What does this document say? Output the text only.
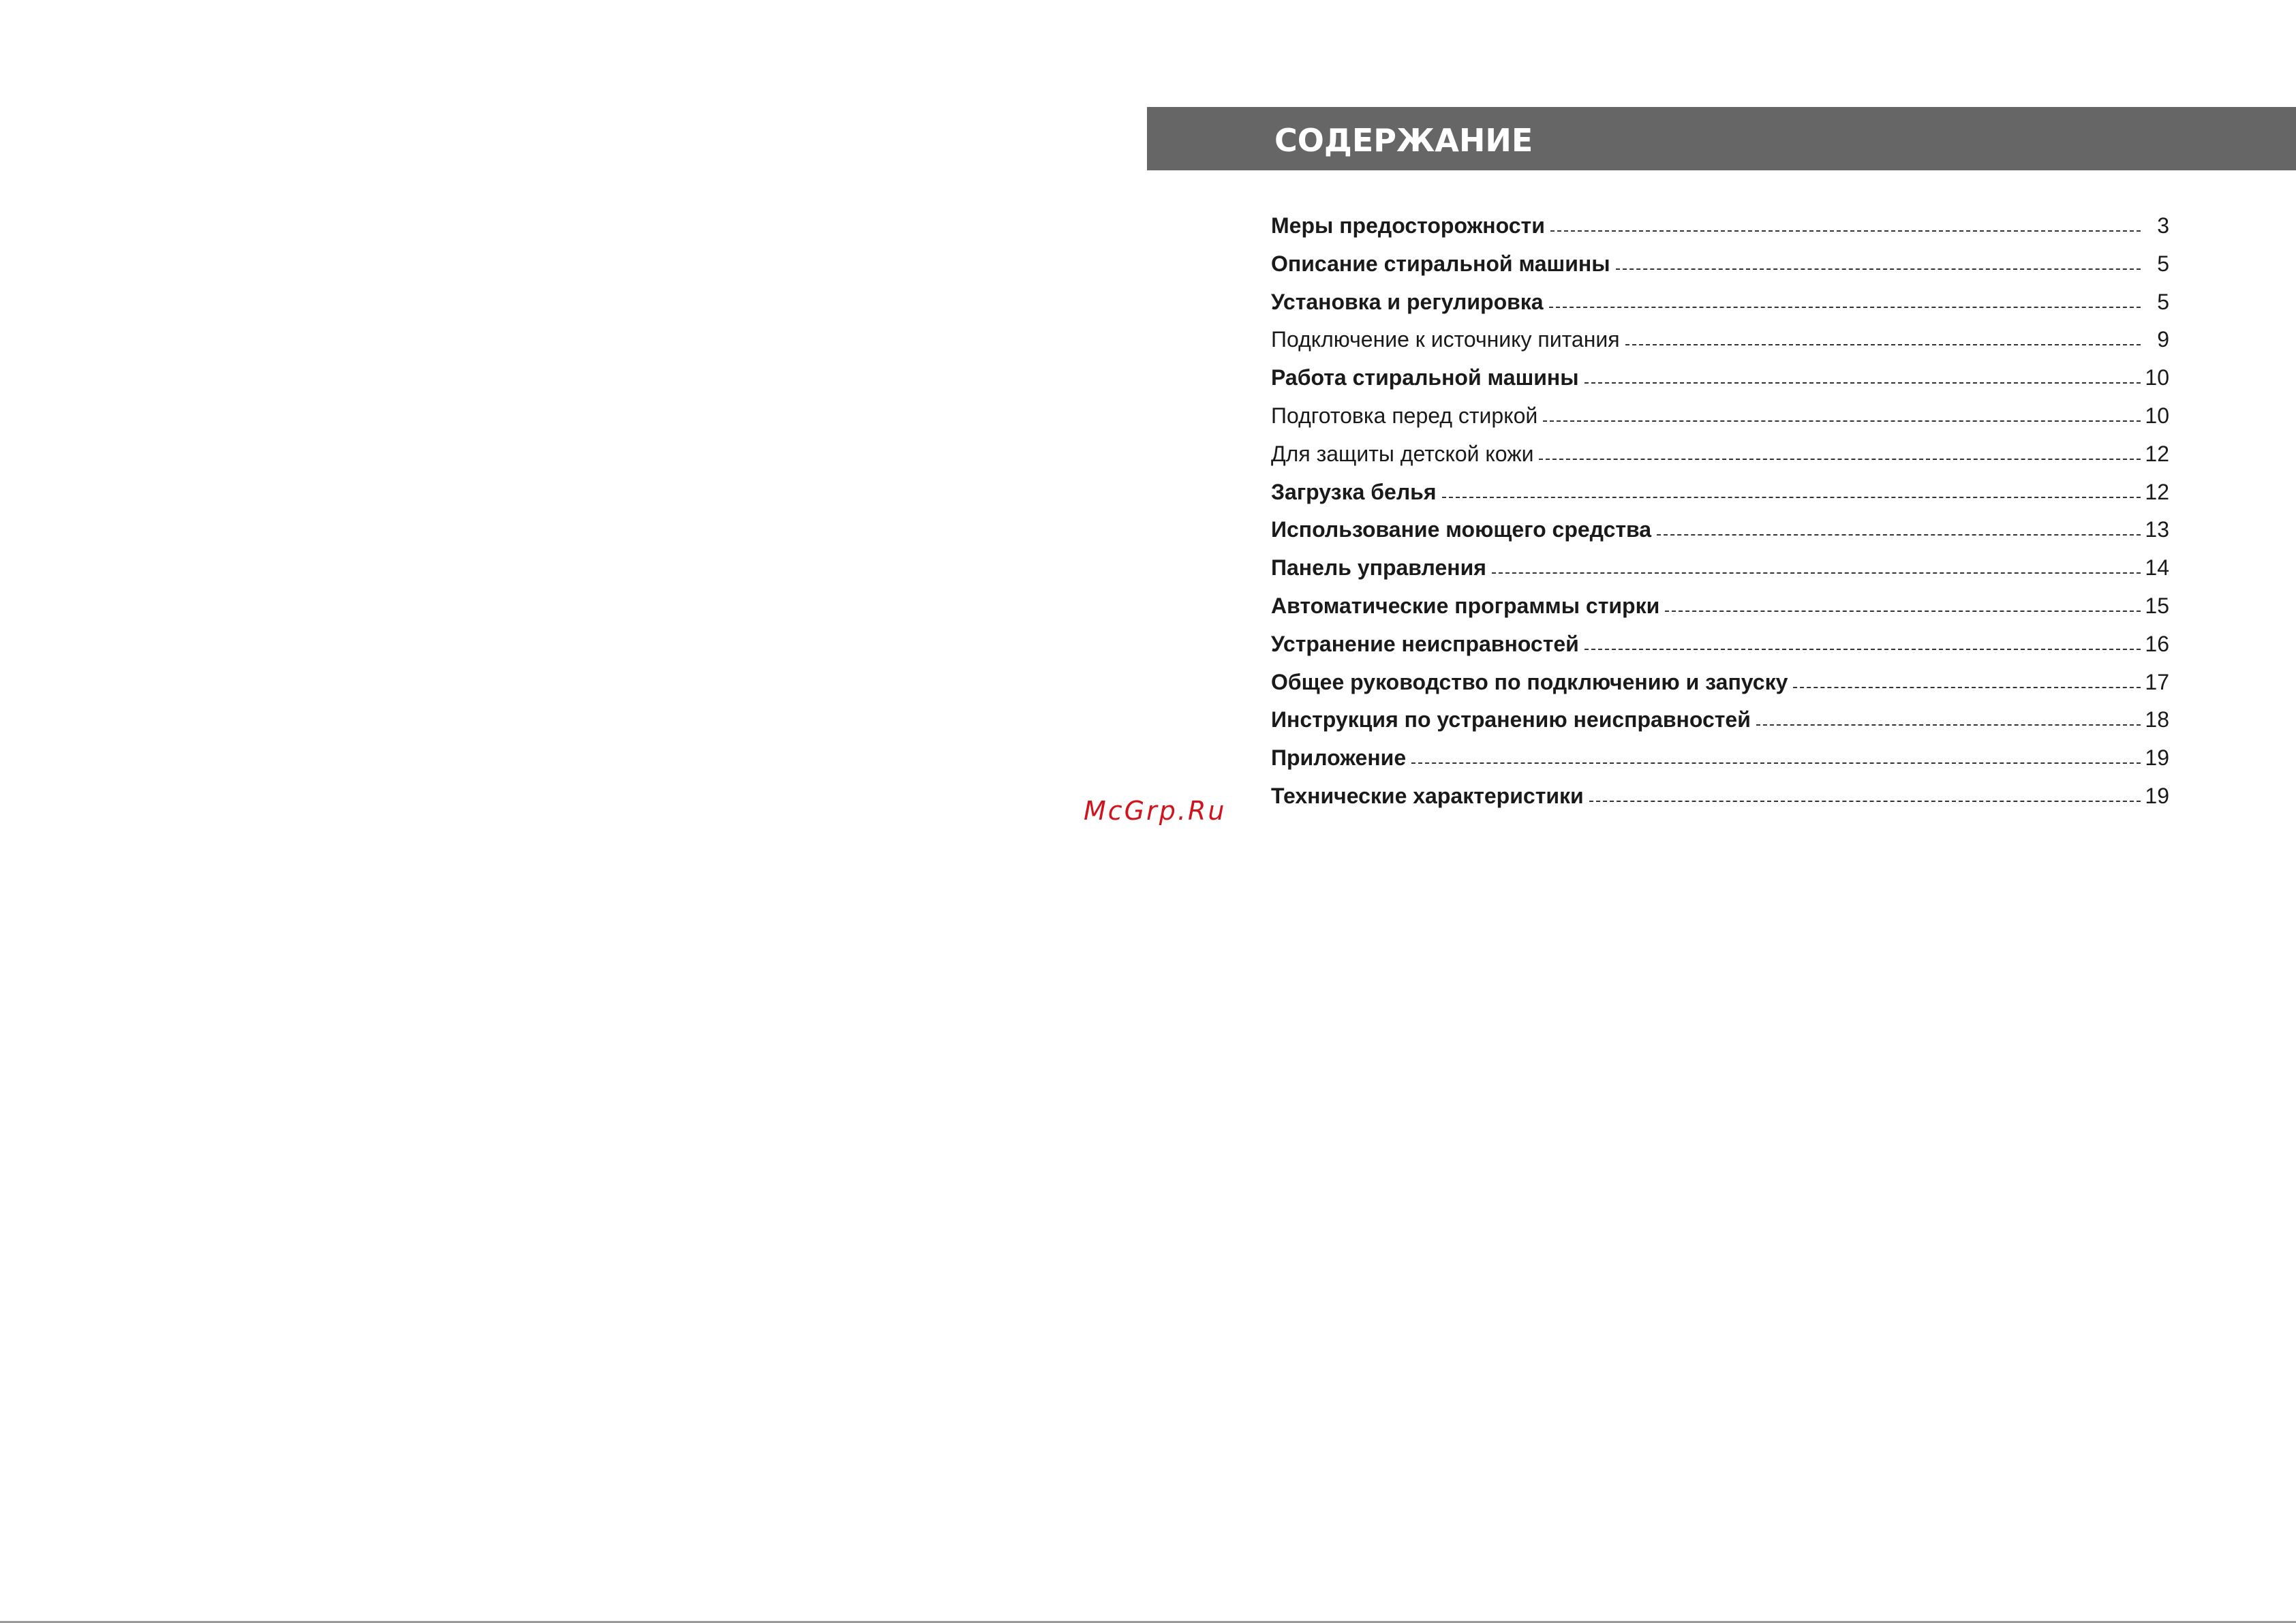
СОДЕРЖАНИЕ
Меры предосторожности	3
Описание стиральной машины	5
Установка и регулировка	5
Подключение к источнику питания	9
Работа стиральной машины	10
Подготовка перед стиркой	10
Для защиты детской кожи	12
Загрузка белья	12
Использование моющего средства	13
Панель управления	14
Автоматические программы стирки	15
Устранение неисправностей	16
Общее руководство по подключению и запуску	17
Инструкция по устранению неисправностей	18
Приложение	19
Технические характеристики	19

McGrp.Ru
